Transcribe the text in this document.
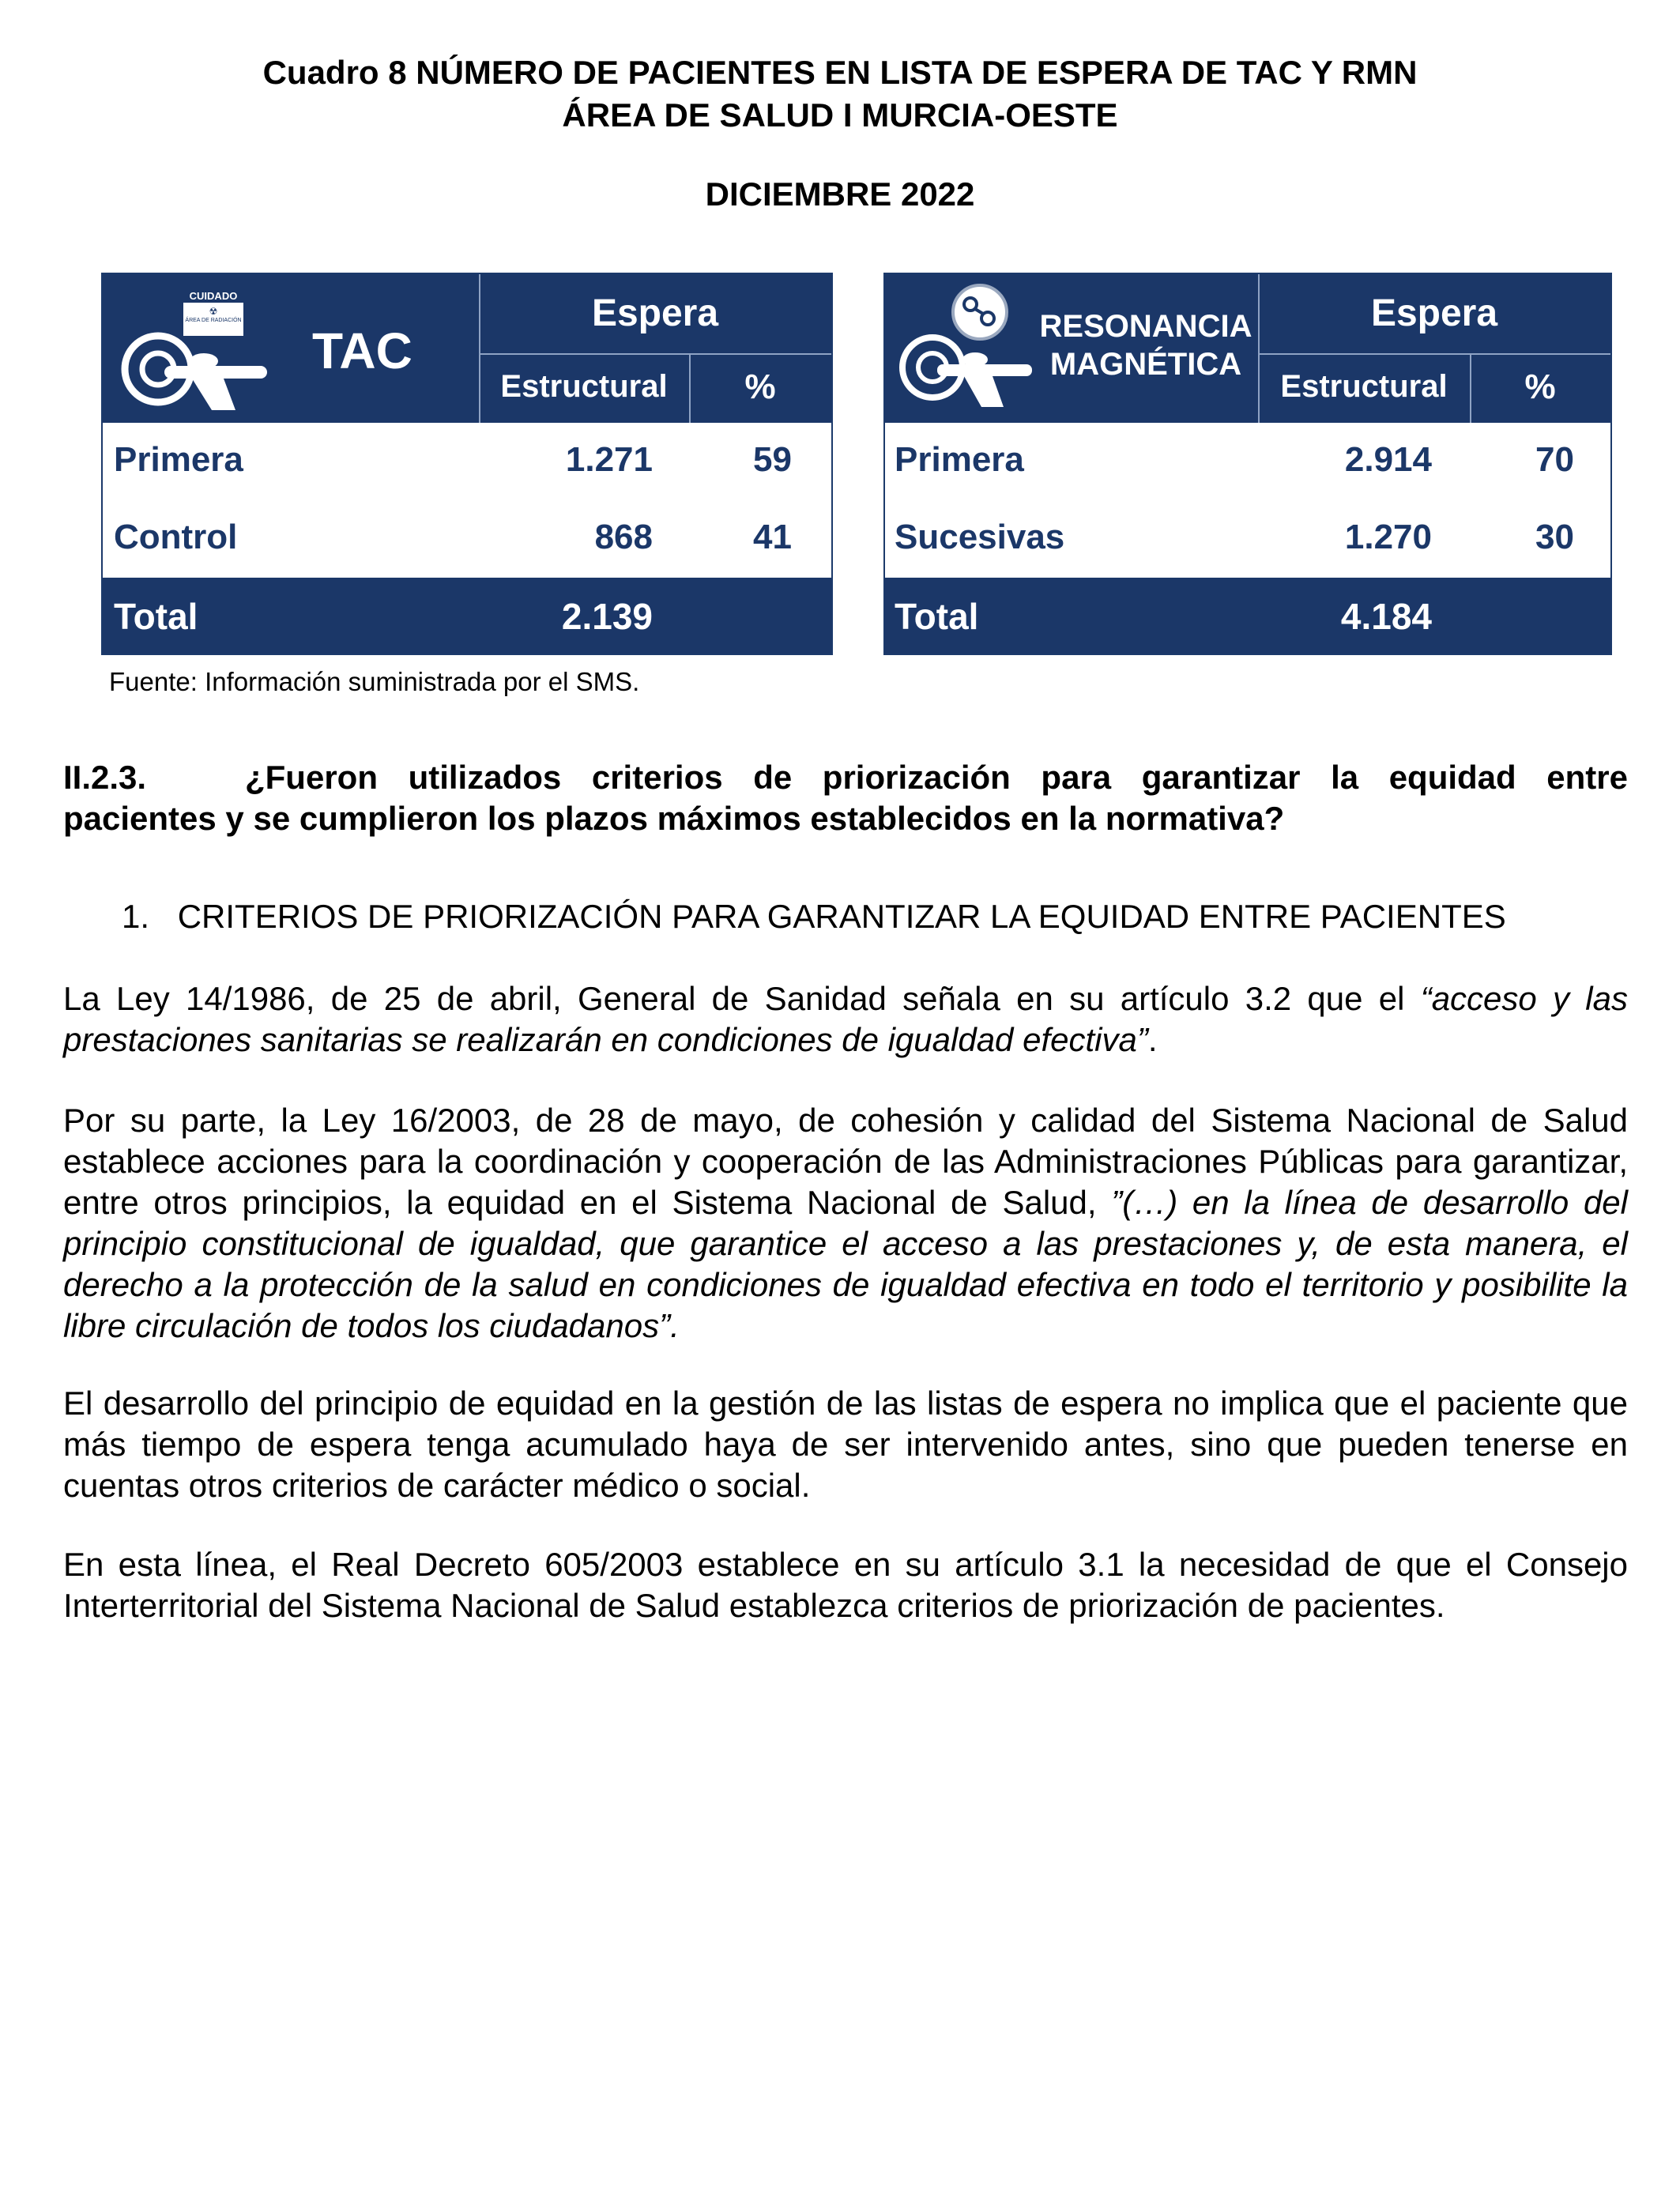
Cuadro 8 NÚMERO DE PACIENTES EN LISTA DE ESPERA DE TAC Y RMN
ÁREA DE SALUD I MURCIA-OESTE
DICIEMBRE 2022
CUIDADO
☢
ÁREA DE RADIACIÓN
TAC
Espera
Estructural	%
Primera	1.271	59
Control	868	41
Total	2.139
RESONANCIA
MAGNÉTICA
Espera
Estructural	%
Primera	2.914	70
Sucesivas	1.270	30
Total	4.184
Fuente: Información suministrada por el SMS.
II.2.3.	¿Fueron utilizados criterios de priorización para garantizar la equidad entre
pacientes y se cumplieron los plazos máximos establecidos en la normativa?
1. CRITERIOS DE PRIORIZACIÓN PARA GARANTIZAR LA EQUIDAD ENTRE PACIENTES
La Ley 14/1986, de 25 de abril, General de Sanidad señala en su artículo 3.2 que el “acceso y las prestaciones sanitarias se realizarán en condiciones de igualdad efectiva”.
Por su parte, la Ley 16/2003, de 28 de mayo, de cohesión y calidad del Sistema Nacional de Salud establece acciones para la coordinación y cooperación de las Administraciones Públicas para garantizar, entre otros principios, la equidad en el Sistema Nacional de Salud, ”(…) en la línea de desarrollo del principio constitucional de igualdad, que garantice el acceso a las prestaciones y, de esta manera, el derecho a la protección de la salud en condiciones de igualdad efectiva en todo el territorio y posibilite la libre circulación de todos los ciudadanos”.
El desarrollo del principio de equidad en la gestión de las listas de espera no implica que el paciente que más tiempo de espera tenga acumulado haya de ser intervenido antes, sino que pueden tenerse en cuentas otros criterios de carácter médico o social.
En esta línea, el Real Decreto 605/2003 establece en su artículo 3.1 la necesidad de que el Consejo Interterritorial del Sistema Nacional de Salud establezca criterios de priorización de pacientes.
